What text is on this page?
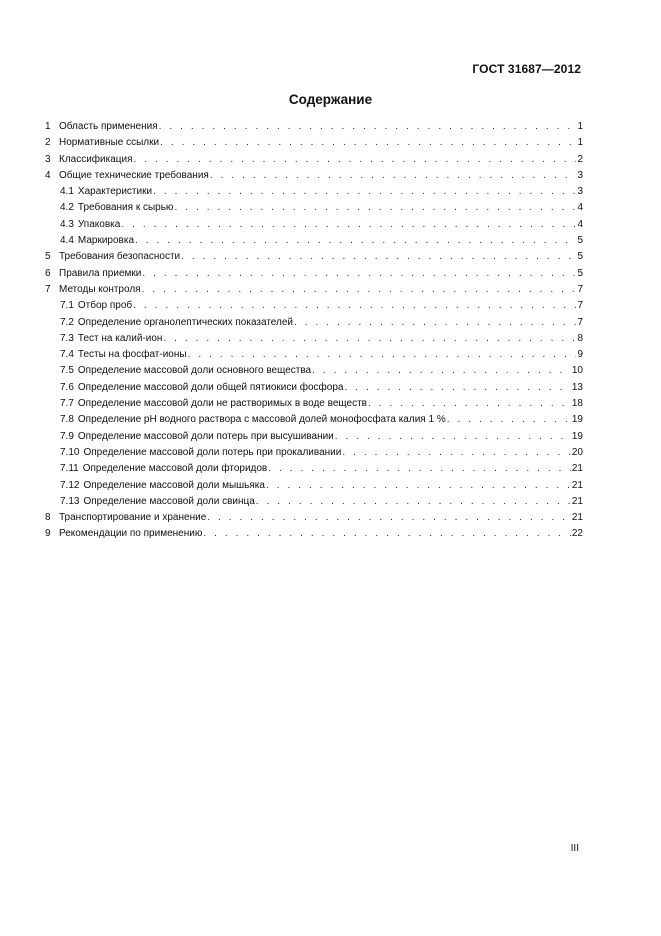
ГОСТ 31687—2012
Содержание
1 Область применения . . .	1
2 Нормативные ссылки . . .	1
3 Классификация . . .	2
4 Общие технические требования . . .	3
4.1 Характеристики . . .	3
4.2 Требования к сырью . . .	4
4.3 Упаковка . . .	4
4.4 Маркировка . . .	5
5 Требования безопасности . . .	5
6 Правила приемки . . .	5
7 Методы контроля . . .	7
7.1 Отбор проб . . .	7
7.2 Определение органолептических показателей . . .	7
7.3 Тест на калий-ион . . .	8
7.4 Тесты на фосфат-ионы . . .	9
7.5 Определение массовой доли основного вещества . . .	10
7.6 Определение массовой доли общей пятиокиси фосфора . . .	13
7.7 Определение массовой доли не растворимых в воде веществ . . .	18
7.8 Определение pH водного раствора с массовой долей монофосфата калия 1 % . . .	19
7.9 Определение массовой доли потерь при высушивании . . .	19
7.10 Определение массовой доли потерь при прокаливании . . .	20
7.11 Определение массовой доли фторидов . . .	21
7.12 Определение массовой доли мышьяка . . .	21
7.13 Определение массовой доли свинца . . .	21
8 Транспортирование и хранение . . .	21
9 Рекомендации по применению . . .	22
III
